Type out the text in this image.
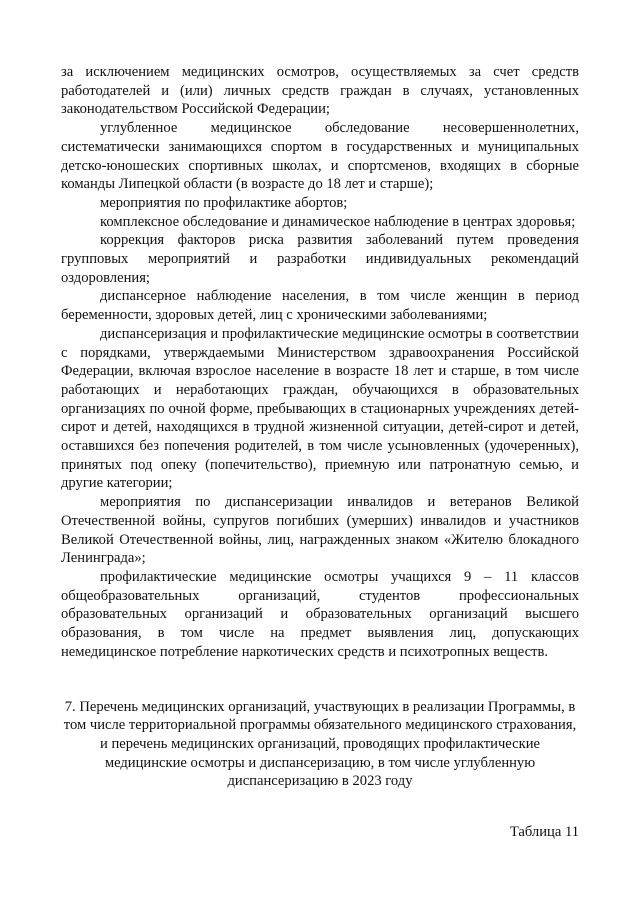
за исключением медицинских осмотров, осуществляемых за счет средств работодателей и (или) личных средств граждан в случаях, установленных законодательством Российской Федерации;

углубленное медицинское обследование несовершеннолетних, систематически занимающихся спортом в государственных и муниципальных детско-юношеских спортивных школах, и спортсменов, входящих в сборные команды Липецкой области (в возрасте до 18 лет и старше);

мероприятия по профилактике абортов;

комплексное обследование и динамическое наблюдение в центрах здоровья;

коррекция факторов риска развития заболеваний путем проведения групповых мероприятий и разработки индивидуальных рекомендаций оздоровления;

диспансерное наблюдение населения, в том числе женщин в период беременности, здоровых детей, лиц с хроническими заболеваниями;

диспансеризация и профилактические медицинские осмотры в соответствии с порядками, утверждаемыми Министерством здравоохранения Российской Федерации, включая взрослое население в возрасте 18 лет и старше, в том числе работающих и неработающих граждан, обучающихся в образовательных организациях по очной форме, пребывающих в стационарных учреждениях детей-сирот и детей, находящихся в трудной жизненной ситуации, детей-сирот и детей, оставшихся без попечения родителей, в том числе усыновленных (удочеренных), принятых под опеку (попечительство), приемную или патронатную семью, и другие категории;

мероприятия по диспансеризации инвалидов и ветеранов Великой Отечественной войны, супругов погибших (умерших) инвалидов и участников Великой Отечественной войны, лиц, награжденных знаком «Жителю блокадного Ленинграда»;

профилактические медицинские осмотры учащихся 9 – 11 классов общеобразовательных организаций, студентов профессиональных образовательных организаций и образовательных организаций высшего образования, в том числе на предмет выявления лиц, допускающих немедицинское потребление наркотических средств и психотропных веществ.

7. Перечень медицинских организаций, участвующих в реализации Программы, в том числе территориальной программы обязательного медицинского страхования, и перечень медицинских организаций, проводящих профилактические медицинские осмотры и диспансеризацию, в том числе углубленную диспансеризацию в 2023 году

Таблица 11
